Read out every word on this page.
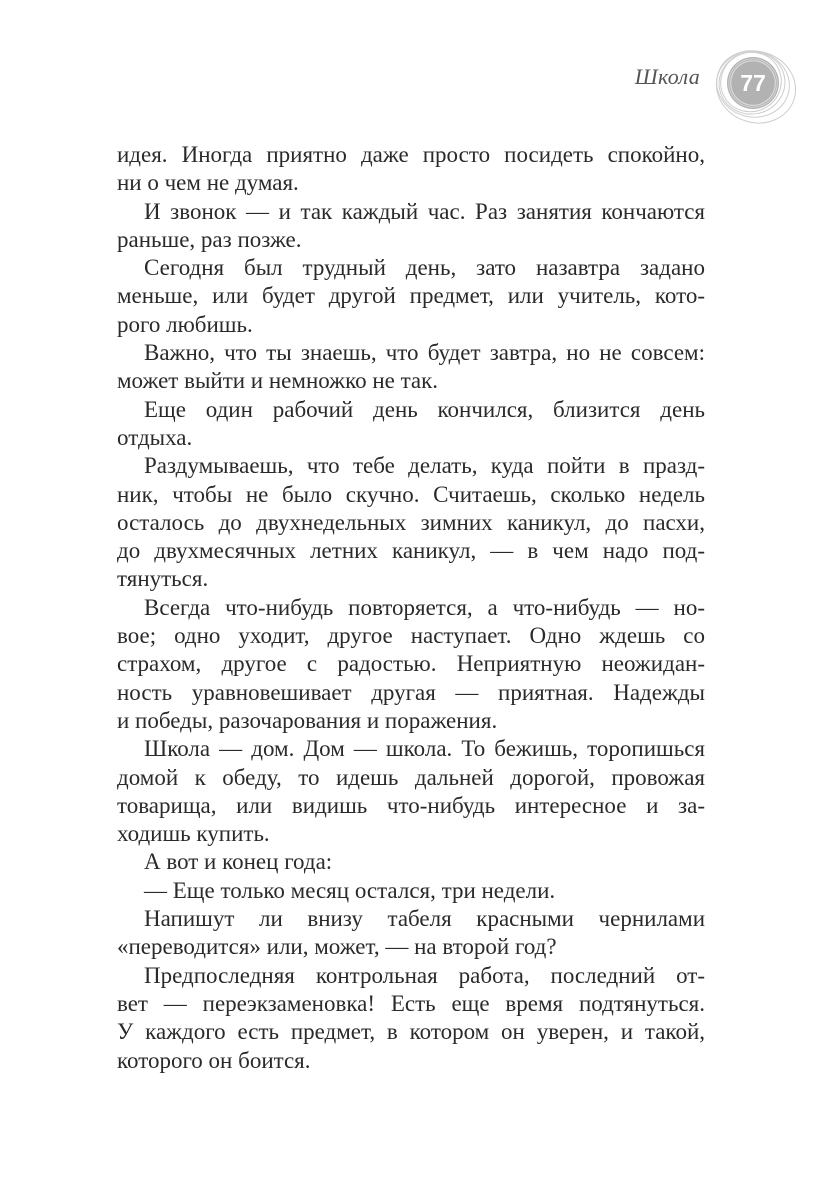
Школа	77
идея. Иногда приятно даже просто посидеть спокойно,
ни о чем не думая.
И звонок — и так каждый час. Раз занятия кончаются
раньше, раз позже.
Сегодня был трудный день, зато назавтра задано
меньше, или будет другой предмет, или учитель, кото-
рого любишь.
Важно, что ты знаешь, что будет завтра, но не совсем:
может выйти и немножко не так.
Еще один рабочий день кончился, близится день
отдыха.
Раздумываешь, что тебе делать, куда пойти в празд-
ник, чтобы не было скучно. Считаешь, сколько недель
осталось до двухнедельных зимних каникул, до пасхи,
до двухмесячных летних каникул, — в чем надо под-
тянуться.
Всегда что-нибудь повторяется, а что-нибудь — но-
вое; одно уходит, другое наступает. Одно ждешь со
страхом, другое с радостью. Неприятную неожидан-
ность уравновешивает другая — приятная. Надежды
и победы, разочарования и поражения.
Школа — дом. Дом — школа. То бежишь, торопишься
домой к обеду, то идешь дальней дорогой, провожая
товарища, или видишь что-нибудь интересное и за-
ходишь купить.
А вот и конец года:
— Еще только месяц остался, три недели.
Напишут ли внизу табеля красными чернилами
«переводится» или, может, — на второй год?
Предпоследняя контрольная работа, последний от-
вет — переэкзаменовка! Есть еще время подтянуться.
У каждого есть предмет, в котором он уверен, и такой,
которого он боится.
